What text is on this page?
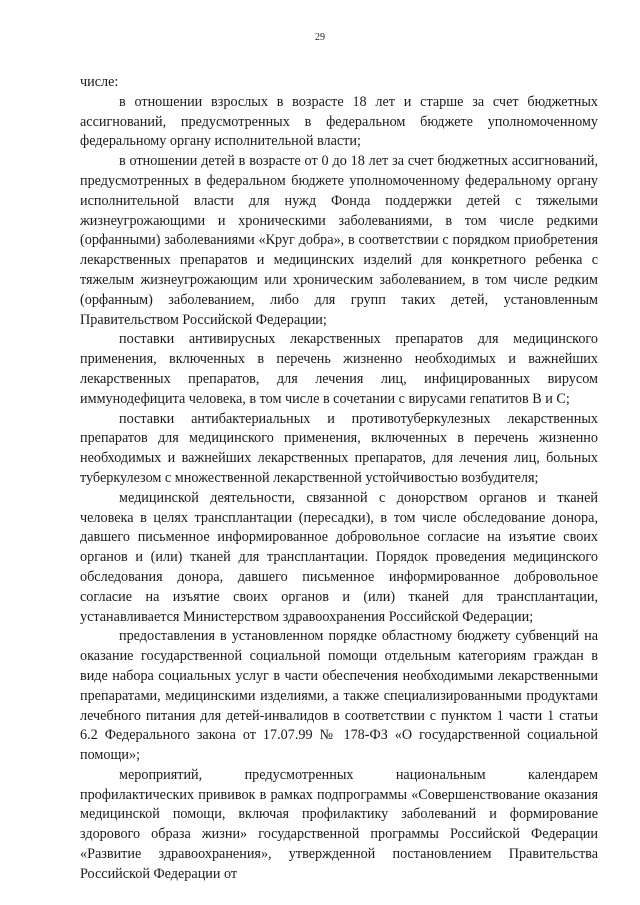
29

числе:

в отношении взрослых в возрасте 18 лет и старше за счет бюджетных ассигнований, предусмотренных в федеральном бюджете уполномоченному федеральному органу исполнительной власти;

в отношении детей в возрасте от 0 до 18 лет за счет бюджетных ассигнований, предусмотренных в федеральном бюджете уполномоченному федеральному органу исполнительной власти для нужд Фонда поддержки детей с тяжелыми жизнеугрожающими и хроническими заболеваниями, в том числе редкими (орфанными) заболеваниями «Круг добра», в соответствии с порядком приобретения лекарственных препаратов и медицинских изделий для конкретного ребенка с тяжелым жизнеугрожающим или хроническим заболеванием, в том числе редким (орфанным) заболеванием, либо для групп таких детей, установленным Правительством Российской Федерации;

поставки антивирусных лекарственных препаратов для медицинского применения, включенных в перечень жизненно необходимых и важнейших лекарственных препаратов, для лечения лиц, инфицированных вирусом иммунодефицита человека, в том числе в сочетании с вирусами гепатитов В и С;

поставки антибактериальных и противотуберкулезных лекарственных препаратов для медицинского применения, включенных в перечень жизненно необходимых и важнейших лекарственных препаратов, для лечения лиц, больных туберкулезом с множественной лекарственной устойчивостью возбудителя;

медицинской деятельности, связанной с донорством органов и тканей человека в целях трансплантации (пересадки), в том числе обследование донора, давшего письменное информированное добровольное согласие на изъятие своих органов и (или) тканей для трансплантации. Порядок проведения медицинского обследования донора, давшего письменное информированное добровольное согласие на изъятие своих органов и (или) тканей для трансплантации, устанавливается Министерством здравоохранения Российской Федерации;

предоставления в установленном порядке областному бюджету субвенций на оказание государственной социальной помощи отдельным категориям граждан в виде набора социальных услуг в части обеспечения необходимыми лекарственными препаратами, медицинскими изделиями, а также специализированными продуктами лечебного питания для детей-инвалидов в соответствии с пунктом 1 части 1 статьи 6.2 Федерального закона от 17.07.99 № 178-ФЗ «О государственной социальной помощи»;

мероприятий, предусмотренных национальным календарем профилактических прививок в рамках подпрограммы «Совершенствование оказания медицинской помощи, включая профилактику заболеваний и формирование здорового образа жизни» государственной программы Российской Федерации «Развитие здравоохранения», утвержденной постановлением Правительства Российской Федерации от
